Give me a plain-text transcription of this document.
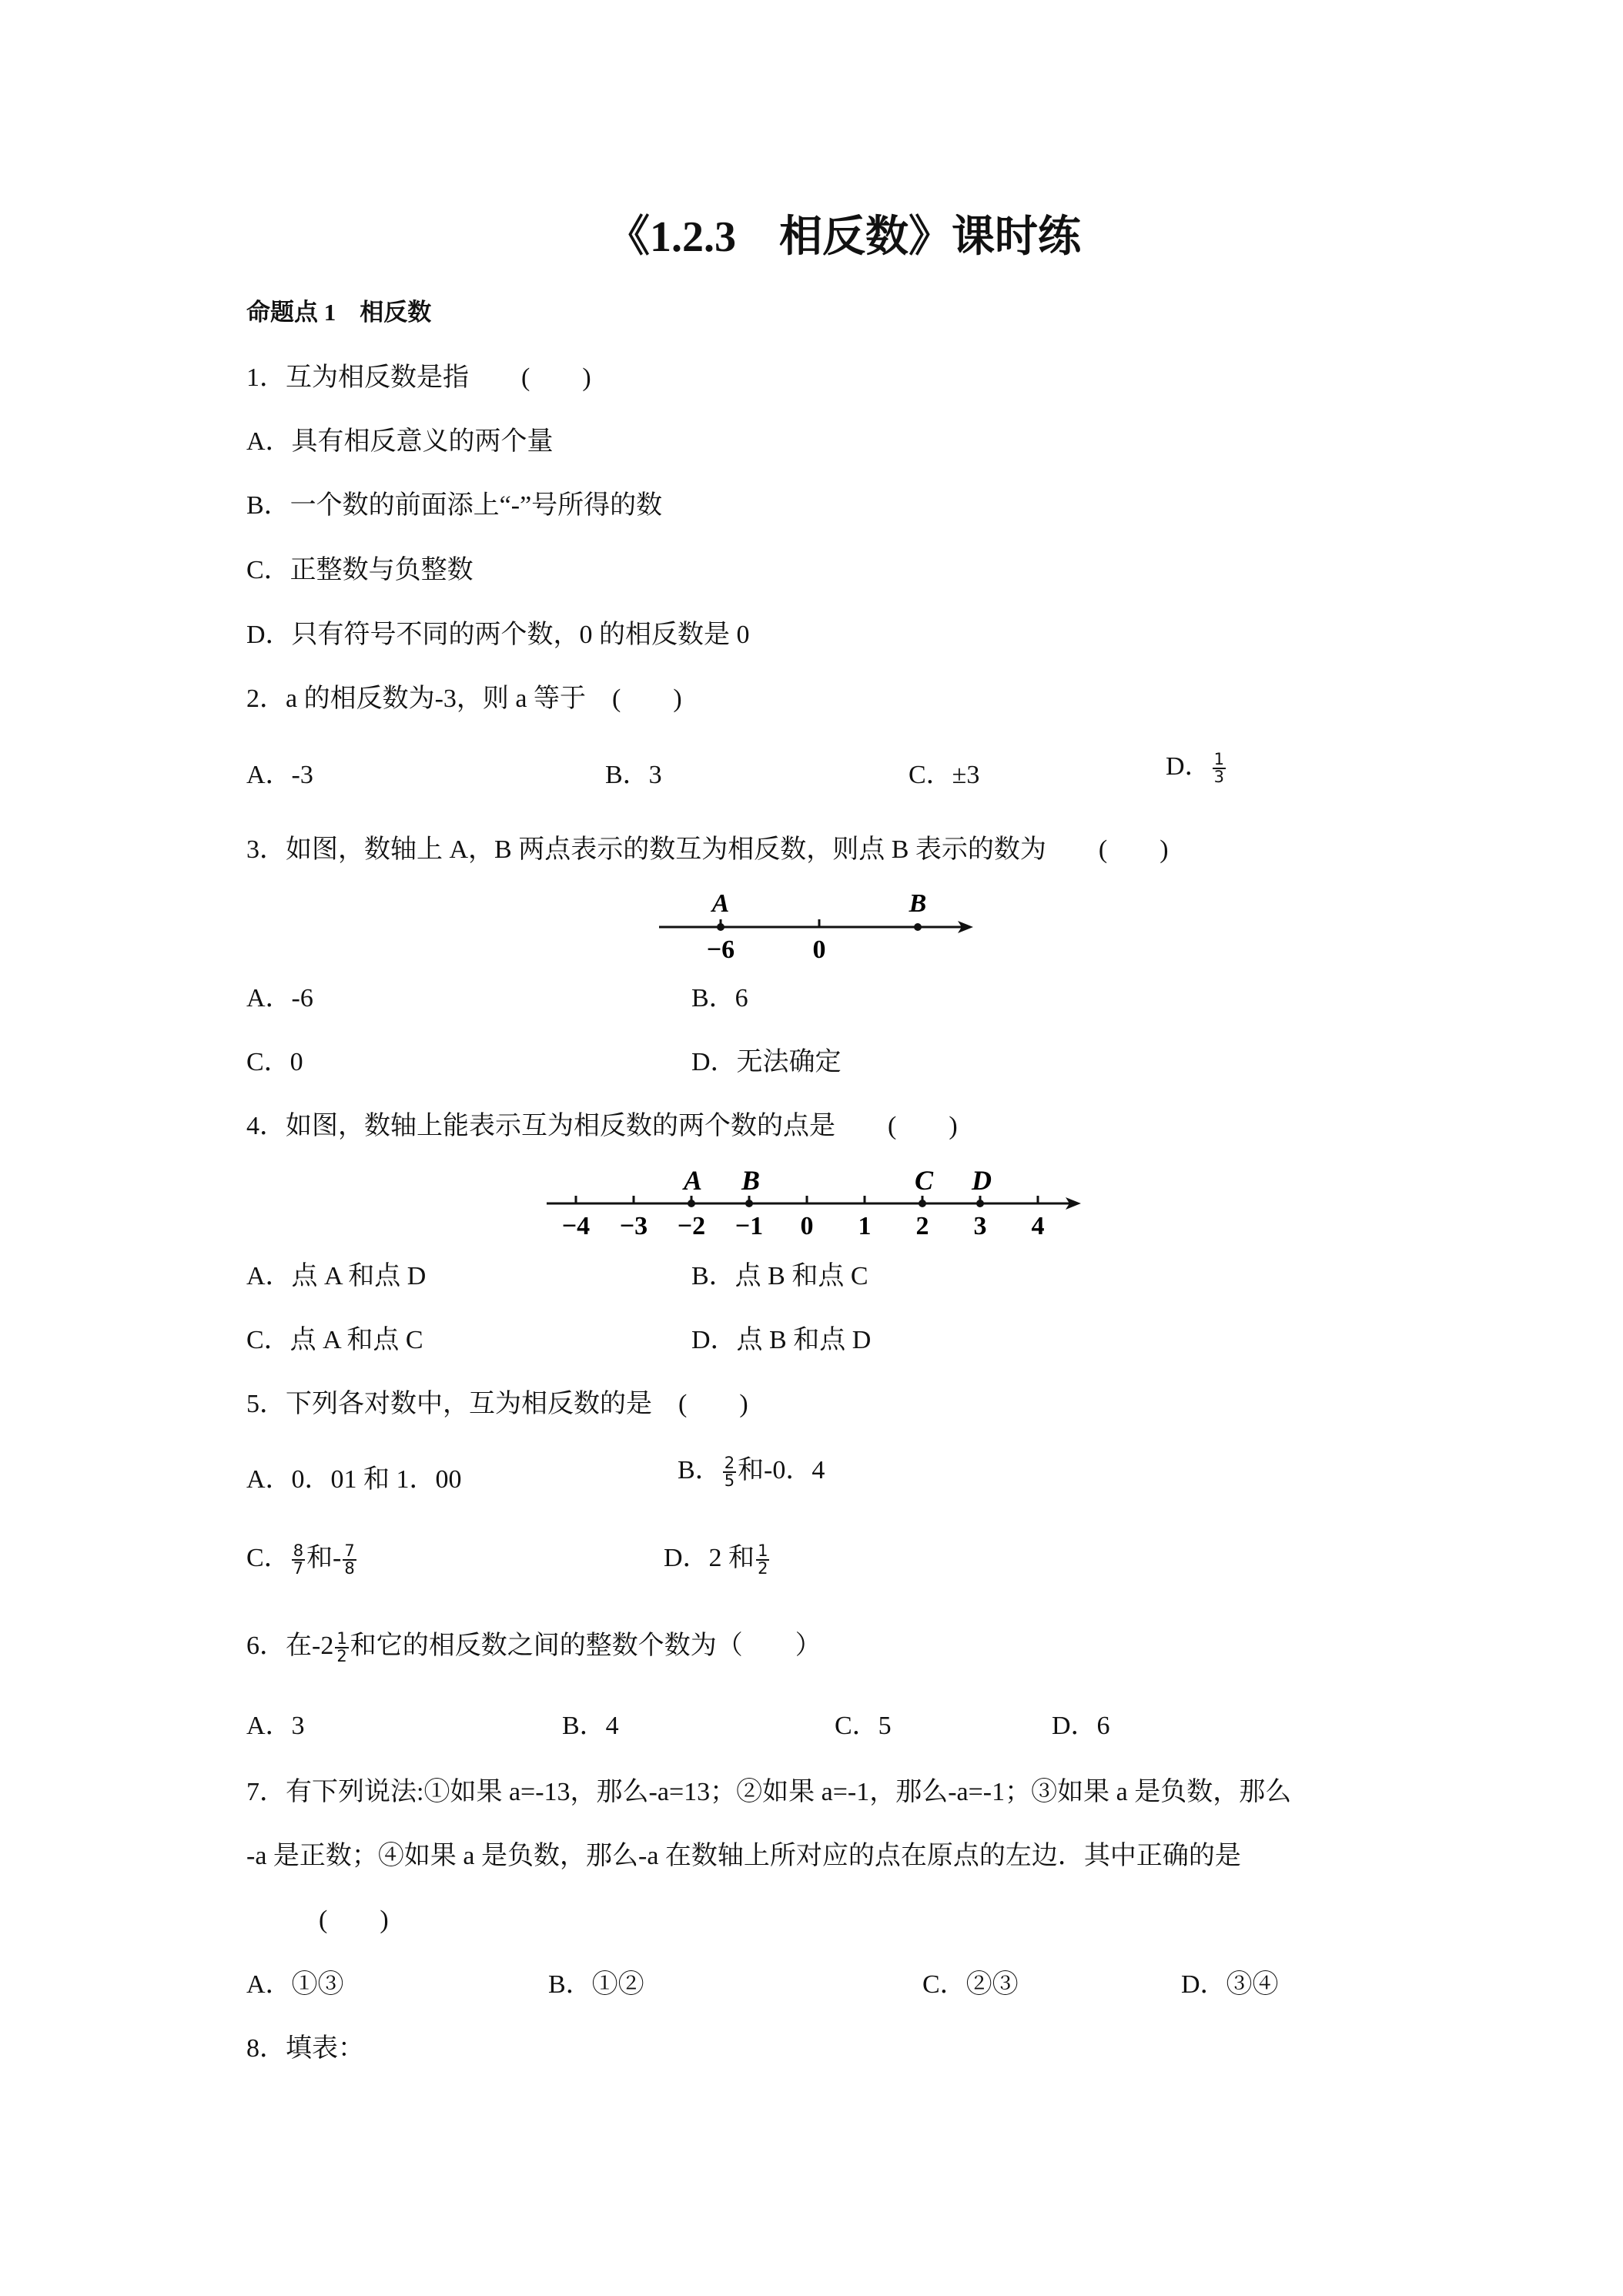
《1.2.3　相反数》课时练
命题点 1　相反数
1．互为相反数是指　　(　　)
A．具有相反意义的两个量
B．一个数的前面添上“-”号所得的数
C．正整数与负整数
D．只有符号不同的两个数，0 的相反数是 0
2．a 的相反数为-3，则 a 等于　(　　)
A．-3	B．3	C．±3	D． $\frac{1}{3}$
3．如图，数轴上 A，B 两点表示的数互为相反数，则点 B 表示的数为　　(　　)
A	B
−6	0
A．-6	B．6
C．0	D．无法确定
4．如图，数轴上能表示互为相反数的两个数的点是　　(　　)
−4 −3 −2 −1 0 1 2 3 4
A B	C D
A．点 A 和点 D	B．点 B 和点 C
C．点 A 和点 C	D．点 B 和点 D
5．下列各对数中，互为相反数的是　(　　)
A．0．01 和 1．00	B． $\frac{2}{5}$ 和-0．4
C． $\frac{8}{7}$ 和- $\frac{7}{8}$	D．2 和 $\frac{1}{2}$
6．在$-2 \frac{1}{2}$ 和它的相反数之间的整数个数为（　　）
A．3	B．4	C．5	D．6
7．有下列说法:①如果 a=-13，那么-a=13；②如果 a=-1，那么-a=-1；③如果 a 是负数，那么
-a 是正数；④如果 a 是负数，那么-a 在数轴上所对应的点在原点的左边．其中正确的是
(　　)
A．①③	B．①②	C．②③	D．③④
8．填表：
